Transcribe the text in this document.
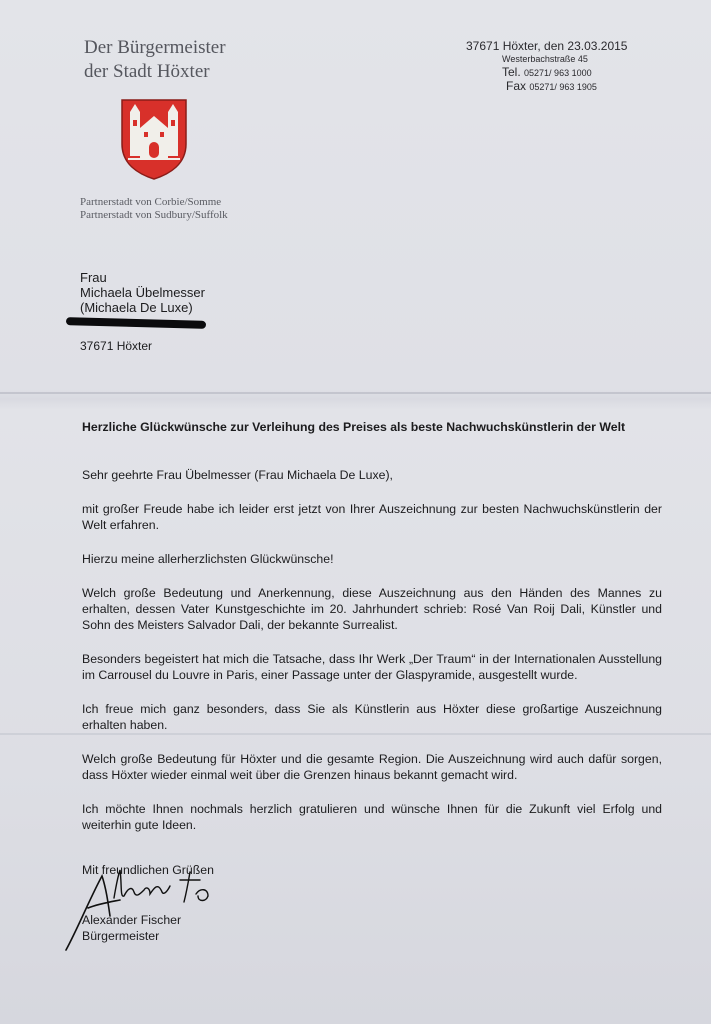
Der Bürgermeister
der Stadt Höxter
Partnerstadt von Corbie/Somme
Partnerstadt von Sudbury/Suffolk
37671 Höxter, den 23.03.2015
Westerbachstraße 45
Tel. 05271/ 963 1000
Fax 05271/ 963 1905
Frau
Michaela Übelmesser
(Michaela De Luxe)
37671 Höxter
Herzliche Glückwünsche zur Verleihung des Preises als beste Nachwuchskünstlerin der Welt

Sehr geehrte Frau Übelmesser (Frau Michaela De Luxe),

mit großer Freude habe ich leider erst jetzt von Ihrer Auszeichnung zur besten Nachwuchskünstlerin der Welt erfahren.

Hierzu meine allerherzlichsten Glückwünsche!

Welch große Bedeutung und Anerkennung, diese Auszeichnung aus den Händen des Mannes zu erhalten, dessen Vater Kunstgeschichte im 20. Jahrhundert schrieb: Rosé Van Roij Dali, Künstler und Sohn des Meisters Salvador Dali, der bekannte Surrealist.

Besonders begeistert hat mich die Tatsache, dass Ihr Werk „Der Traum“ in der Internationalen Ausstellung im Carrousel du Louvre in Paris, einer Passage unter der Glaspyramide, ausgestellt wurde.

Ich freue mich ganz besonders, dass Sie als Künstlerin aus Höxter diese großartige Auszeichnung erhalten haben.

Welch große Bedeutung für Höxter und die gesamte Region. Die Auszeichnung wird auch dafür sorgen, dass Höxter wieder einmal weit über die Grenzen hinaus bekannt gemacht wird.

Ich möchte Ihnen nochmals herzlich gratulieren und wünsche Ihnen für die Zukunft viel Erfolg und weiterhin gute Ideen.

Mit freundlichen Grüßen
Alexander Fischer
Bürgermeister
